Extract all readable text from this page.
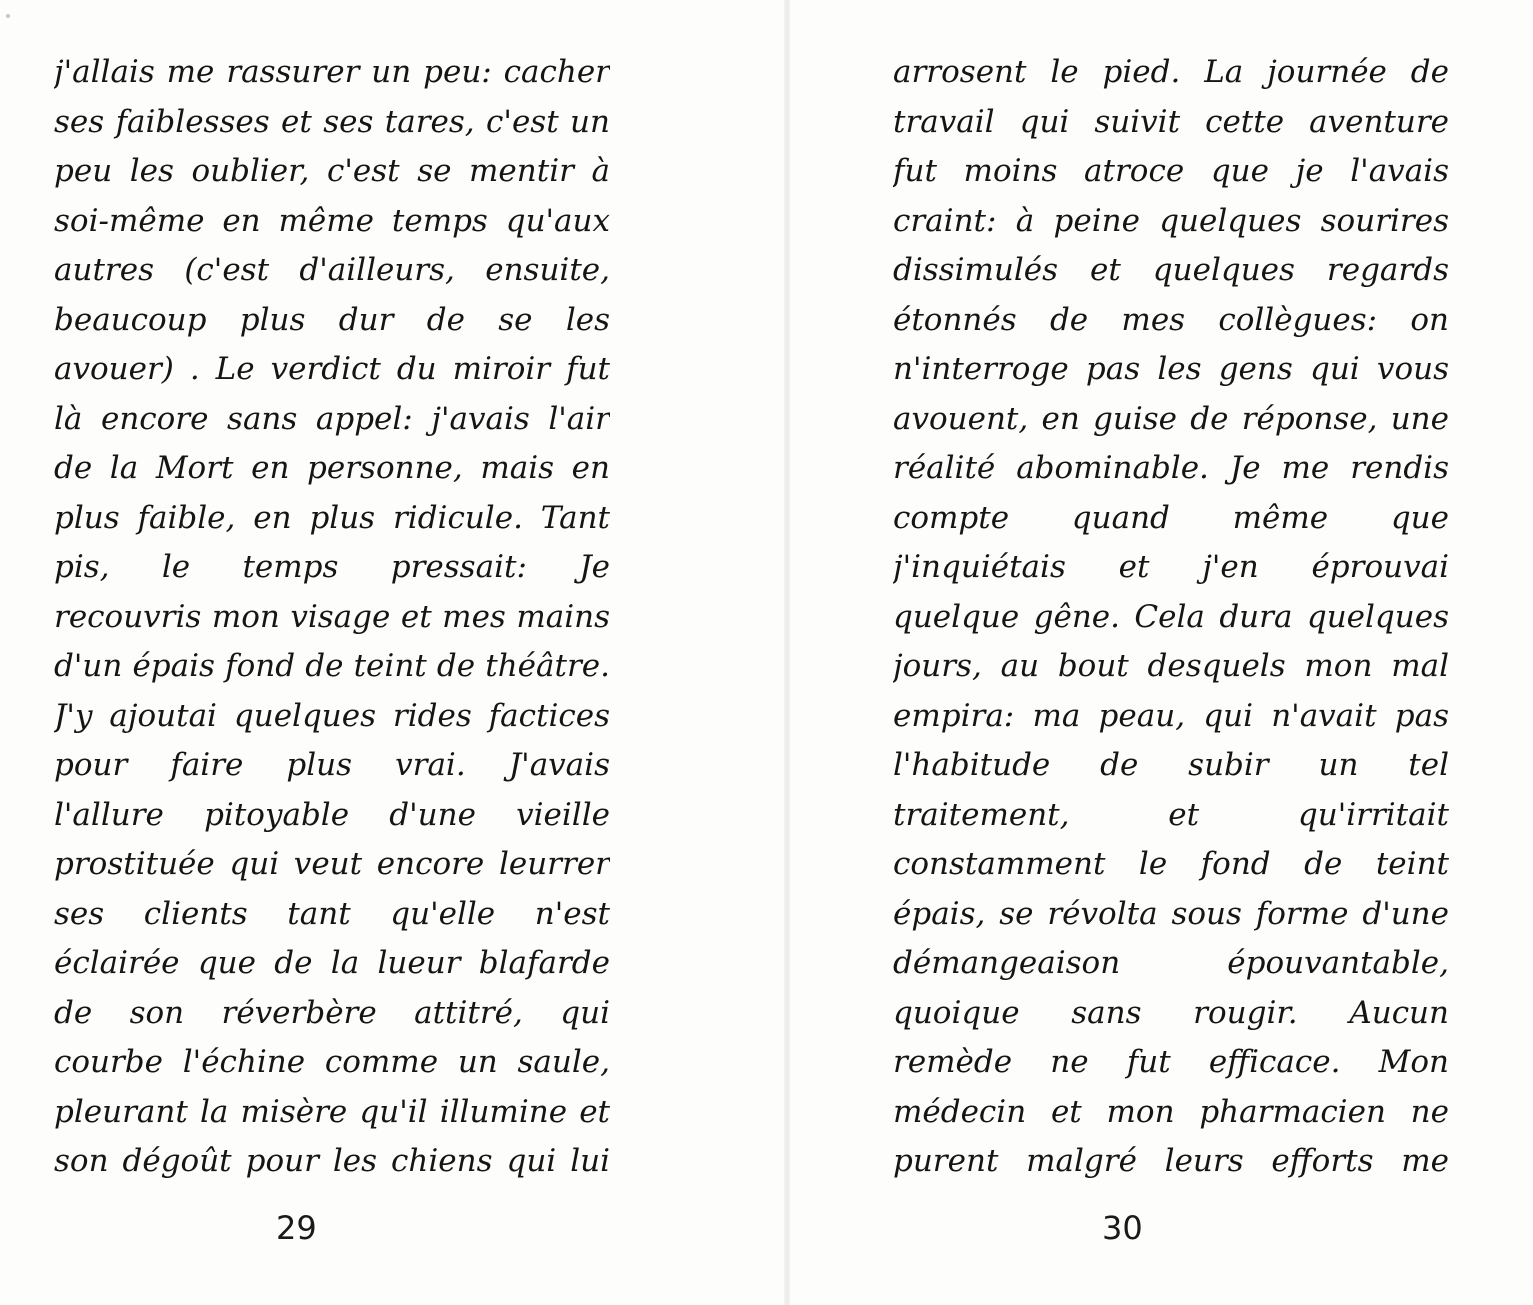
j'allais me rassurer un peu: cacher
ses faiblesses et ses tares, c'est un
peu les oublier, c'est se mentir à
soi-même en même temps qu'aux
autres (c'est d'ailleurs, ensuite,
beaucoup plus dur de se les
avouer) . Le verdict du miroir fut
là encore sans appel: j'avais l'air
de la Mort en personne, mais en
plus faible, en plus ridicule. Tant
pis, le temps pressait: Je
recouvris mon visage et mes mains
d'un épais fond de teint de théâtre.
J'y ajoutai quelques rides factices
pour faire plus vrai. J'avais
l'allure pitoyable d'une vieille
prostituée qui veut encore leurrer
ses clients tant qu'elle n'est
éclairée que de la lueur blafarde
de son réverbère attitré, qui
courbe l'échine comme un saule,
pleurant la misère qu'il illumine et
son dégoût pour les chiens qui lui
arrosent le pied. La journée de
travail qui suivit cette aventure
fut moins atroce que je l'avais
craint: à peine quelques sourires
dissimulés et quelques regards
étonnés de mes collègues: on
n'interroge pas les gens qui vous
avouent, en guise de réponse, une
réalité abominable. Je me rendis
compte quand même que
j'inquiétais et j'en éprouvai
quelque gêne. Cela dura quelques
jours, au bout desquels mon mal
empira: ma peau, qui n'avait pas
l'habitude de subir un tel
traitement, et qu'irritait
constamment le fond de teint
épais, se révolta sous forme d'une
démangeaison épouvantable,
quoique sans rougir. Aucun
remède ne fut efficace. Mon
médecin et mon pharmacien ne
purent malgré leurs efforts me
29	30
